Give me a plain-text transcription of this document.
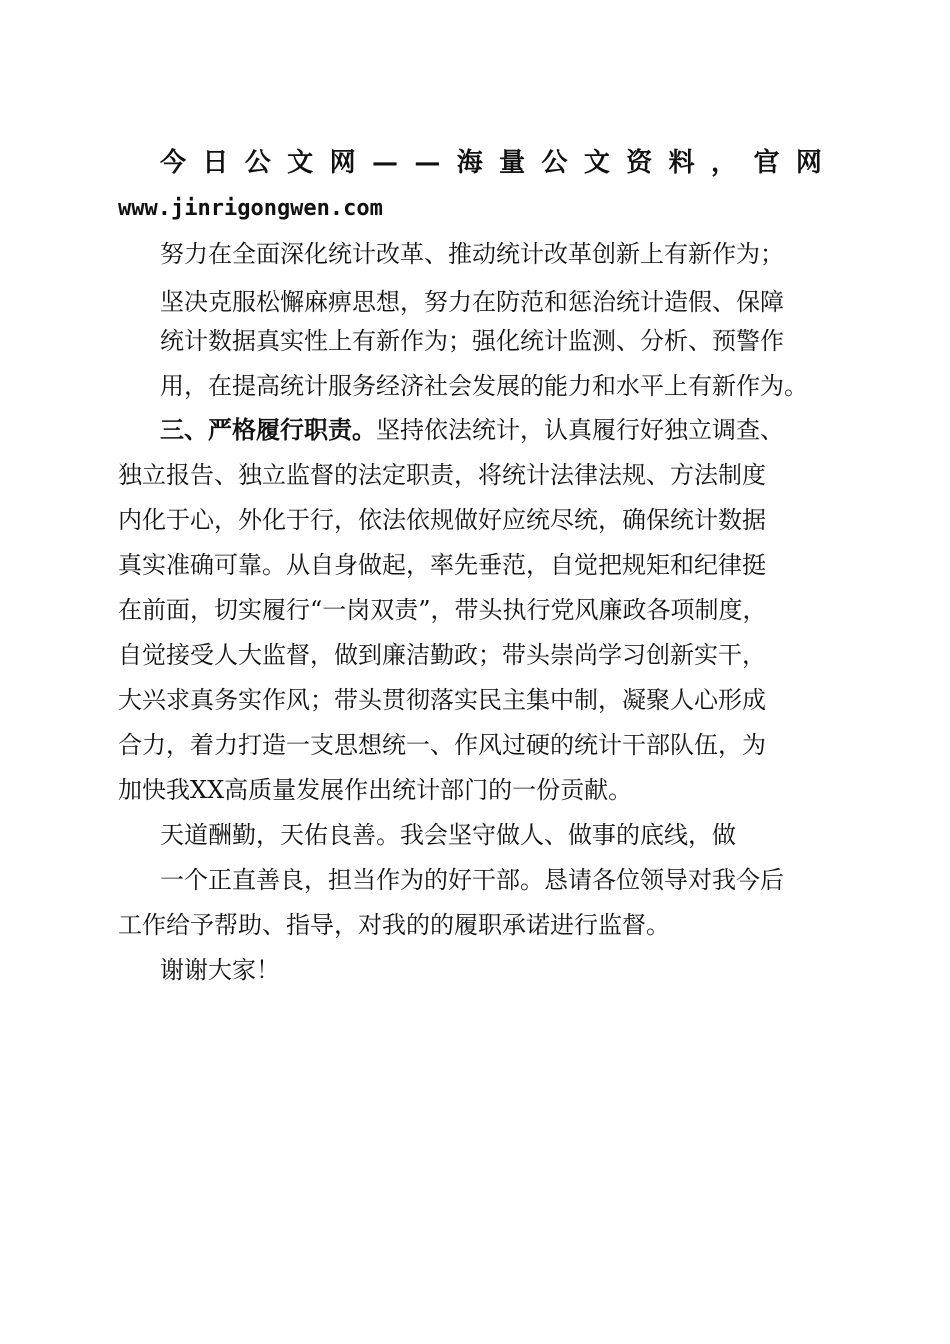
今 日 公 文 网 — — 海 量 公 文 资 料 ， 官 网
www.jinrigongwen.com
努力在全面深化统计改革、推动统计改革创新上有新作为；
坚决克服松懈麻痹思想，努力在防范和惩治统计造假、保障
统计数据真实性上有新作为；强化统计监测、分析、预警作
用，在提高统计服务经济社会发展的能力和水平上有新作为。
三、严格履行职责。坚持依法统计，认真履行好独立调查、
独立报告、独立监督的法定职责，将统计法律法规、方法制度
内化于心，外化于行，依法依规做好应统尽统，确保统计数据
真实准确可靠。从自身做起，率先垂范，自觉把规矩和纪律挺
在前面，切实履行“一岗双责”，带头执行党风廉政各项制度，
自觉接受人大监督，做到廉洁勤政；带头崇尚学习创新实干，
大兴求真务实作风；带头贯彻落实民主集中制，凝聚人心形成
合力，着力打造一支思想统一、作风过硬的统计干部队伍，为
加快我XX高质量发展作出统计部门的一份贡献。
天道酬勤，天佑良善。我会坚守做人、做事的底线，做
一个正直善良，担当作为的好干部。恳请各位领导对我今后
工作给予帮助、指导，对我的的履职承诺进行监督。
谢谢大家！
